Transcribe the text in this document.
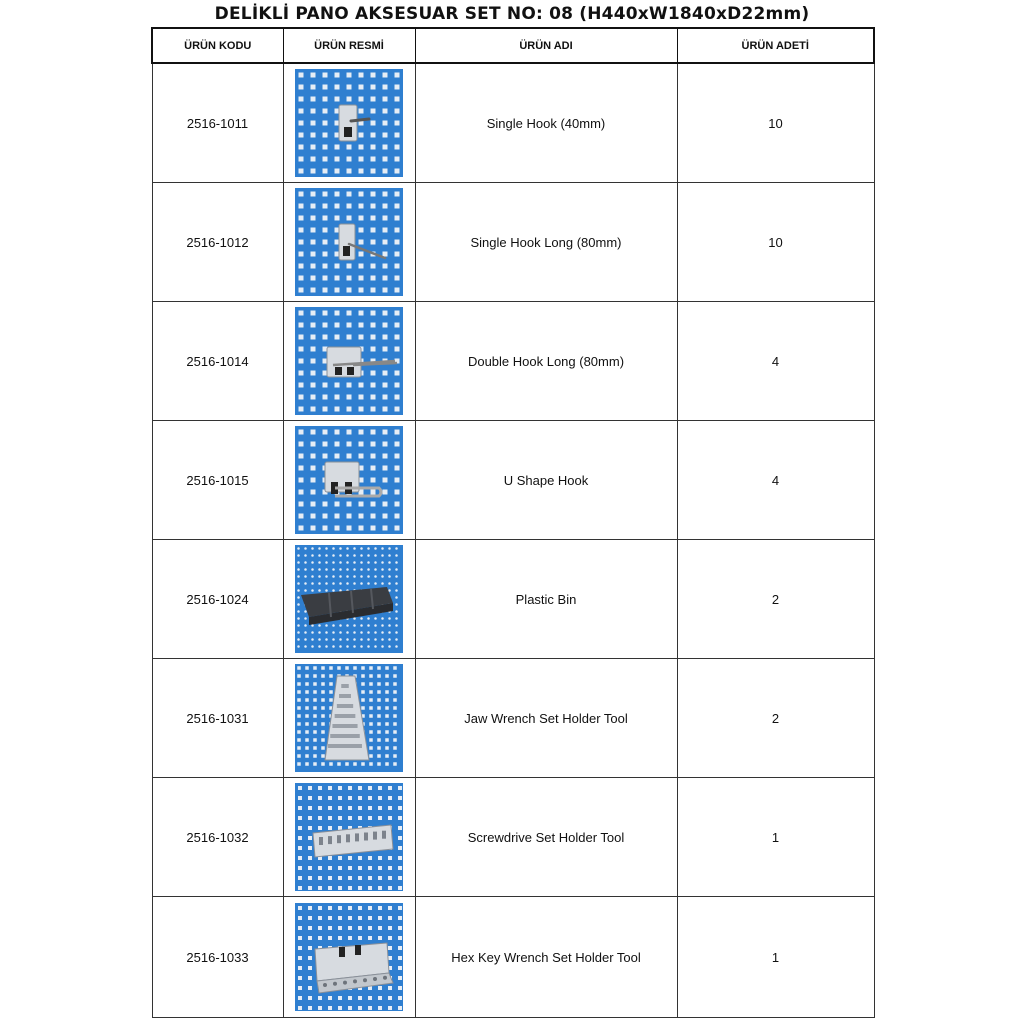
DELİKLİ PANO AKSESUAR SET NO: 08 (H440xW1840xD22mm)
ÜRÜN KODU	ÜRÜN RESMİ	ÜRÜN ADI	ÜRÜN ADETİ
2516-1011		Single Hook (40mm)	10
2516-1012		Single Hook Long (80mm)	10
2516-1014		Double Hook Long (80mm)	4
2516-1015		U Shape Hook	4
2516-1024		Plastic Bin	2
2516-1031		Jaw Wrench Set Holder Tool	2
2516-1032		Screwdrive Set Holder Tool	1
2516-1033		Hex Key Wrench Set Holder Tool	1
